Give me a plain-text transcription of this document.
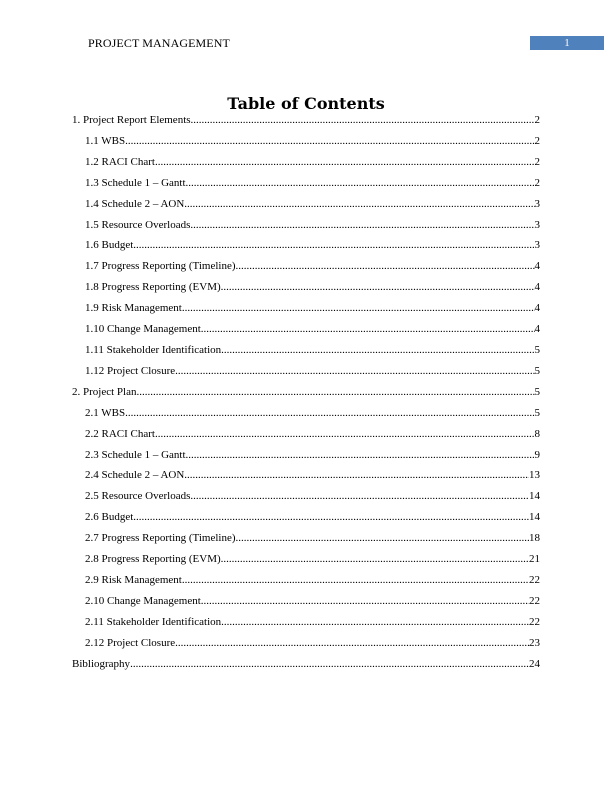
PROJECT MANAGEMENT	1
Table of Contents
1. Project Report Elements .....	2
1.1 WBS .....	2
1.2 RACI Chart .....	2
1.3 Schedule 1 – Gantt .....	2
1.4 Schedule 2 – AON .....	3
1.5 Resource Overloads .....	3
1.6 Budget .....	3
1.7 Progress Reporting (Timeline) .....	4
1.8 Progress Reporting (EVM) .....	4
1.9 Risk Management .....	4
1.10 Change Management .....	4
1.11 Stakeholder Identification .....	5
1.12 Project Closure .....	5
2. Project Plan .....	5
2.1 WBS .....	5
2.2 RACI Chart .....	8
2.3 Schedule 1 – Gantt .....	9
2.4 Schedule 2 – AON .....	13
2.5 Resource Overloads .....	14
2.6 Budget .....	14
2.7 Progress Reporting (Timeline) .....	18
2.8 Progress Reporting (EVM) .....	21
2.9 Risk Management .....	22
2.10 Change Management .....	22
2.11 Stakeholder Identification .....	22
2.12 Project Closure .....	23
Bibliography .....	24
